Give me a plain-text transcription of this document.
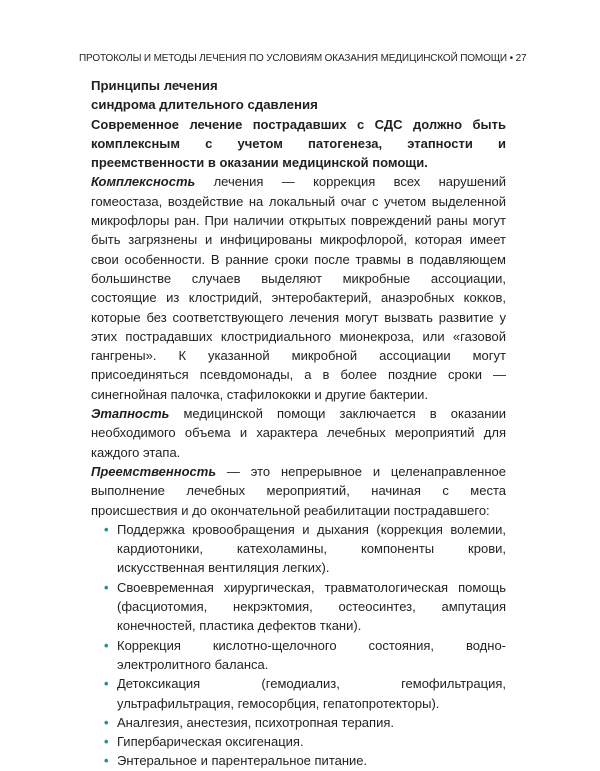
ПРОТОКОЛЫ И МЕТОДЫ ЛЕЧЕНИЯ ПО УСЛОВИЯМ ОКАЗАНИЯ МЕДИЦИНСКОЙ ПОМОЩИ • 27

Принципы лечения

синдрома длительного сдавления

Современное лечение пострадавших с СДС должно быть комплексным с учетом патогенеза, этапности и преемственности в оказании медицинской помощи.

Комплексность лечения — коррекция всех нарушений гомеостаза, воздействие на локальный очаг с учетом выделенной микрофлоры ран. При наличии открытых повреждений раны могут быть загрязнены и инфицированы микрофлорой, которая имеет свои особенности. В ранние сроки после травмы в подавляющем большинстве случаев выделяют микробные ассоциации, состоящие из клостридий, энтеробактерий, анаэробных кокков, которые без соответствующего лечения могут вызвать развитие у этих пострадавших клостридиального мионекроза, или «газовой гангрены». К указанной микробной ассоциации могут присоединяться псевдомонады, а в более поздние сроки — синегнойная палочка, стафилококки и другие бактерии.

Этапность медицинской помощи заключается в оказании необходимого объема и характера лечебных мероприятий для каждого этапа.

Преемственность — это непрерывное и целенаправленное выполнение лечебных мероприятий, начиная с места происшествия и до окончательной реабилитации пострадавшего:

• Поддержка кровообращения и дыхания (коррекция волемии, кардиотоники, катехоламины, компоненты крови, искусственная вентиляция легких).
• Своевременная хирургическая, травматологическая помощь (фасциотомия, некрэктомия, остеосинтез, ампутация конечностей, пластика дефектов ткани).
• Коррекция кислотно-щелочного состояния, водно-электролитного баланса.
• Детоксикация (гемодиализ, гемофильтрация, ультрафильтрация, гемосорбция, гепатопротекторы).
• Аналгезия, анестезия, психотропная терапия.
• Гипербарическая оксигенация.
• Энтеральное и парентеральное питание.
